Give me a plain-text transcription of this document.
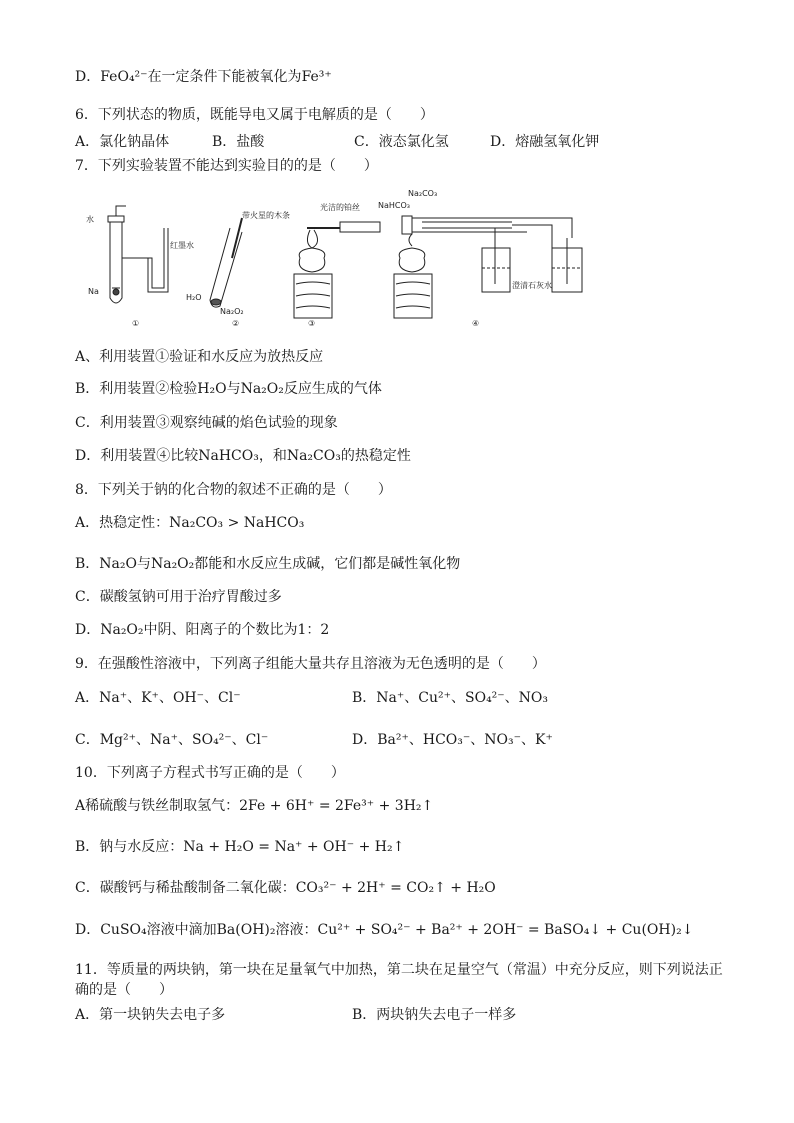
D．FeO₄²⁻在一定条件下能被氧化为Fe³⁺
6．下列状态的物质，既能导电又属于电解质的是（　　）
A．氯化钠晶体	B．盐酸	C．液态氯化氢	D．熔融氢氧化钾
7．下列实验装置不能达到实验目的的是（　　）
水
红墨水
Na
带火星的木条
H₂O
Na₂O₂
光洁的铂丝
Na₂CO₃
NaHCO₃
澄清石灰水
①	②	③	④
A、利用装置①验证和水反应为放热反应
B．利用装置②检验H₂O与Na₂O₂反应生成的气体
C．利用装置③观察纯碱的焰色试验的现象
D．利用装置④比较NaHCO₃，和Na₂CO₃的热稳定性
8．下列关于钠的化合物的叙述不正确的是（　　）
A．热稳定性：Na₂CO₃ > NaHCO₃
B．Na₂O与Na₂O₂都能和水反应生成碱，它们都是碱性氧化物
C．碳酸氢钠可用于治疗胃酸过多
D．Na₂O₂中阴、阳离子的个数比为1：2
9．在强酸性溶液中，下列离子组能大量共存且溶液为无色透明的是（　　）
A．Na⁺、K⁺、OH⁻、Cl⁻	B．Na⁺、Cu²⁺、SO₄²⁻、NO₃
C．Mg²⁺、Na⁺、SO₄²⁻、Cl⁻	D．Ba²⁺、HCO₃⁻、NO₃⁻、K⁺
10．下列离子方程式书写正确的是（　　）
A稀硫酸与铁丝制取氢气：2Fe + 6H⁺ = 2Fe³⁺ + 3H₂↑
B．钠与水反应：Na + H₂O = Na⁺ + OH⁻ + H₂↑
C．碳酸钙与稀盐酸制备二氧化碳：CO₃²⁻ + 2H⁺ = CO₂↑ + H₂O
D．CuSO₄溶液中滴加Ba(OH)₂溶液：Cu²⁺ + SO₄²⁻ + Ba²⁺ + 2OH⁻ = BaSO₄↓ + Cu(OH)₂↓
11．等质量的两块钠，第一块在足量氧气中加热，第二块在足量空气（常温）中充分反应，则下列说法正
确的是（　　）
A．第一块钠失去电子多	B．两块钠失去电子一样多
